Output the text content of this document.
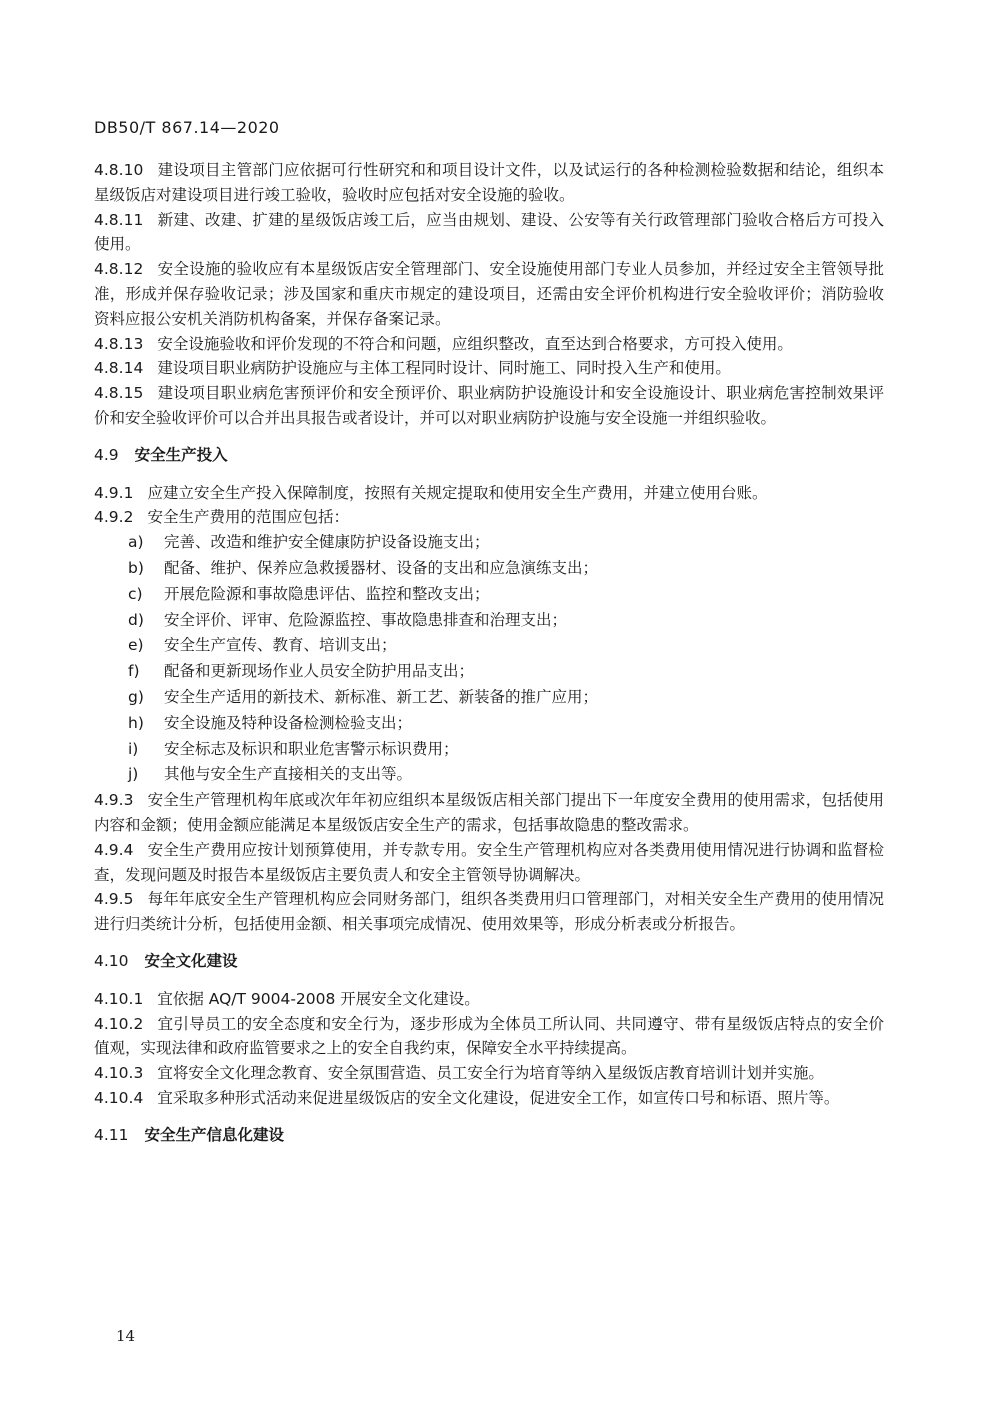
DB50/T 867.14—2020

4.8.10 建设项目主管部门应依据可行性研究和和项目设计文件，以及试运行的各种检测检验数据和结论，组织本星级饭店对建设项目进行竣工验收，验收时应包括对安全设施的验收。

4.8.11 新建、改建、扩建的星级饭店竣工后，应当由规划、建设、公安等有关行政管理部门验收合格后方可投入使用。

4.8.12 安全设施的验收应有本星级饭店安全管理部门、安全设施使用部门专业人员参加，并经过安全主管领导批准，形成并保存验收记录；涉及国家和重庆市规定的建设项目，还需由安全评价机构进行安全验收评价；消防验收资料应报公安机关消防机构备案，并保存备案记录。

4.8.13 安全设施验收和评价发现的不符合和问题，应组织整改，直至达到合格要求，方可投入使用。

4.8.14 建设项目职业病防护设施应与主体工程同时设计、同时施工、同时投入生产和使用。

4.8.15 建设项目职业病危害预评价和安全预评价、职业病防护设施设计和安全设施设计、职业病危害控制效果评价和安全验收评价可以合并出具报告或者设计，并可以对职业病防护设施与安全设施一并组织验收。

4.9 安全生产投入

4.9.1 应建立安全生产投入保障制度，按照有关规定提取和使用安全生产费用，并建立使用台账。

4.9.2 安全生产费用的范围应包括：

a) 完善、改造和维护安全健康防护设备设施支出；
b) 配备、维护、保养应急救援器材、设备的支出和应急演练支出；
c) 开展危险源和事故隐患评估、监控和整改支出；
d) 安全评价、评审、危险源监控、事故隐患排查和治理支出；
e) 安全生产宣传、教育、培训支出；
f) 配备和更新现场作业人员安全防护用品支出；
g) 安全生产适用的新技术、新标准、新工艺、新装备的推广应用；
h) 安全设施及特种设备检测检验支出；
i) 安全标志及标识和职业危害警示标识费用；
j) 其他与安全生产直接相关的支出等。

4.9.3 安全生产管理机构年底或次年年初应组织本星级饭店相关部门提出下一年度安全费用的使用需求，包括使用内容和金额；使用金额应能满足本星级饭店安全生产的需求，包括事故隐患的整改需求。

4.9.4 安全生产费用应按计划预算使用，并专款专用。安全生产管理机构应对各类费用使用情况进行协调和监督检查，发现问题及时报告本星级饭店主要负责人和安全主管领导协调解决。

4.9.5 每年年底安全生产管理机构应会同财务部门，组织各类费用归口管理部门，对相关安全生产费用的使用情况进行归类统计分析，包括使用金额、相关事项完成情况、使用效果等，形成分析表或分析报告。

4.10 安全文化建设

4.10.1 宜依据 AQ/T 9004-2008 开展安全文化建设。

4.10.2 宜引导员工的安全态度和安全行为，逐步形成为全体员工所认同、共同遵守、带有星级饭店特点的安全价值观，实现法律和政府监管要求之上的安全自我约束，保障安全水平持续提高。

4.10.3 宜将安全文化理念教育、安全氛围营造、员工安全行为培育等纳入星级饭店教育培训计划并实施。

4.10.4 宜采取多种形式活动来促进星级饭店的安全文化建设，促进安全工作，如宣传口号和标语、照片等。

4.11 安全生产信息化建设
14
